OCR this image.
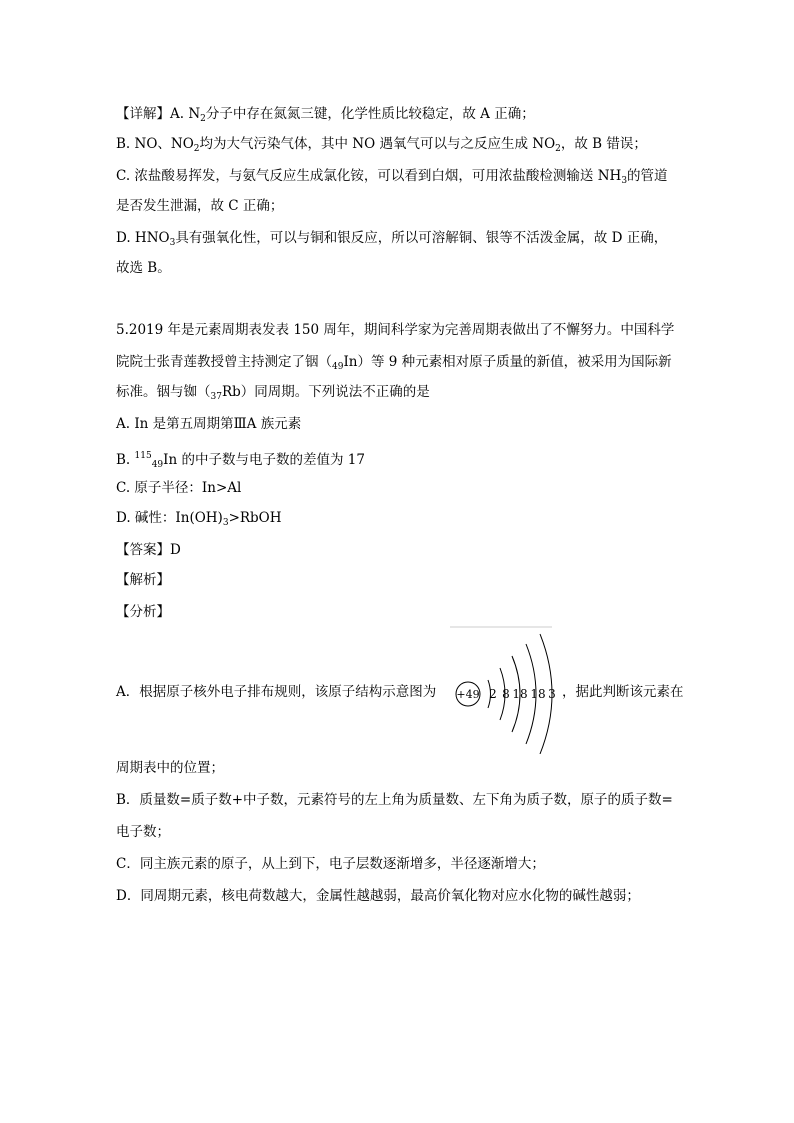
【详解】A. $N_2$分子中存在氮氮三键，化学性质比较稳定，故 A 正确；
B. NO、$NO_2$均为大气污染气体，其中 NO 遇氧气可以与之反应生成 $NO_2$，故 B 错误；
C. 浓盐酸易挥发，与氨气反应生成氯化铵，可以看到白烟，可用浓盐酸检测输送 $NH_3$的管道
是否发生泄漏，故 C 正确；
D. $HNO_3$具有强氧化性，可以与铜和银反应，所以可溶解铜、银等不活泼金属，故 D 正确，
故选 B。
5.2019 年是元素周期表发表 150 周年，期间科学家为完善周期表做出了不懈努力。中国科学
院院士张青莲教授曾主持测定了铟$(_{49}In)$等 9 种元素相对原子质量的新值，被采用为国际新
标准。铟与铷$(_{37}Rb)$同周期。下列说法不正确的是
A. In 是第五周期第ⅢA 族元素
B. $^{115}_{49}$In 的中子数与电子数的差值为 17
C. 原子半径：In>Al
D. 碱性：$In(OH)_3>RbOH$
【答案】D
【解析】
【分析】
A．根据原子核外电子排布规则，该原子结构示意图为 +49 2 8 18 18 3 ，据此判断该元素在
周期表中的位置；
B．质量数=质子数+中子数，元素符号的左上角为质量数、左下角为质子数，原子的质子数=
电子数；
C．同主族元素的原子，从上到下，电子层数逐渐增多，半径逐渐增大；
D．同周期元素，核电荷数越大，金属性越越弱，最高价氧化物对应水化物的碱性越弱；
